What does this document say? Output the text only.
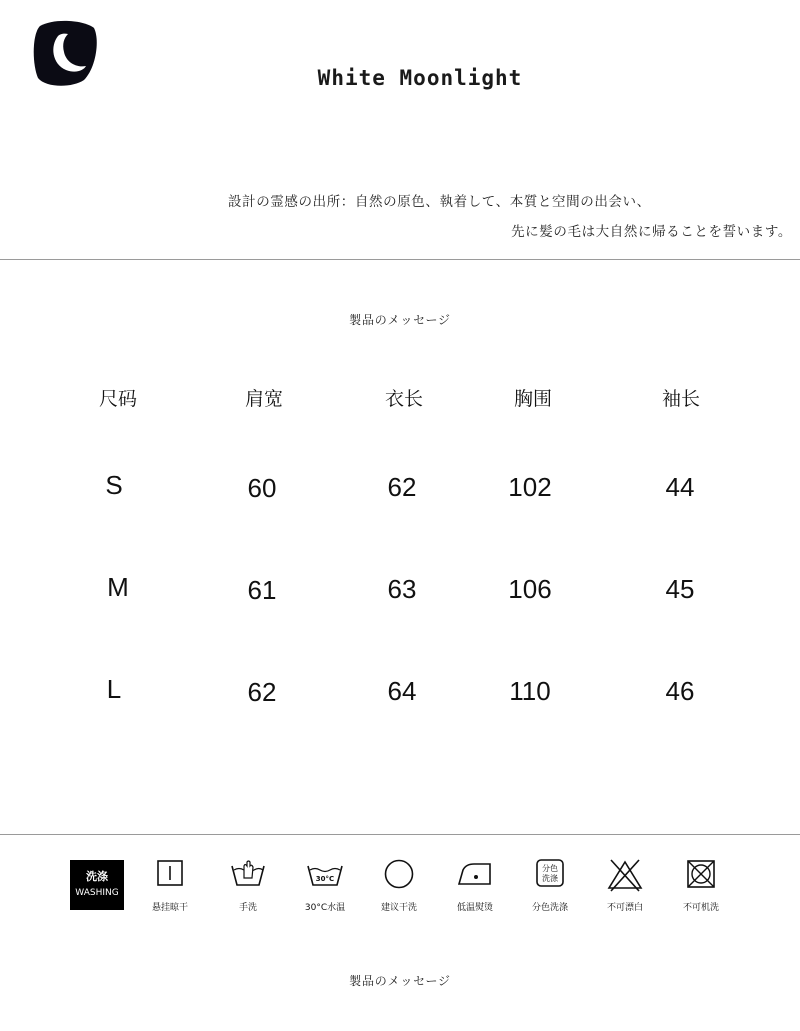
White Moonlight
設計の霊感の出所：自然の原色、執着して、本質と空間の出会い、
先に髪の毛は大自然に帰ることを誓います。
製品のメッセージ
尺码	肩宽	衣长	胸围	袖长
S	60	62	102	44
M	61	63	106	45
L	62	64	110	46
洗涤
WASHING
悬挂晾干	手洗
30°C
30°C水温	建议干洗	低温熨烫
分色
洗涤
分色洗涤	不可漂白	不可机洗
製品のメッセージ
